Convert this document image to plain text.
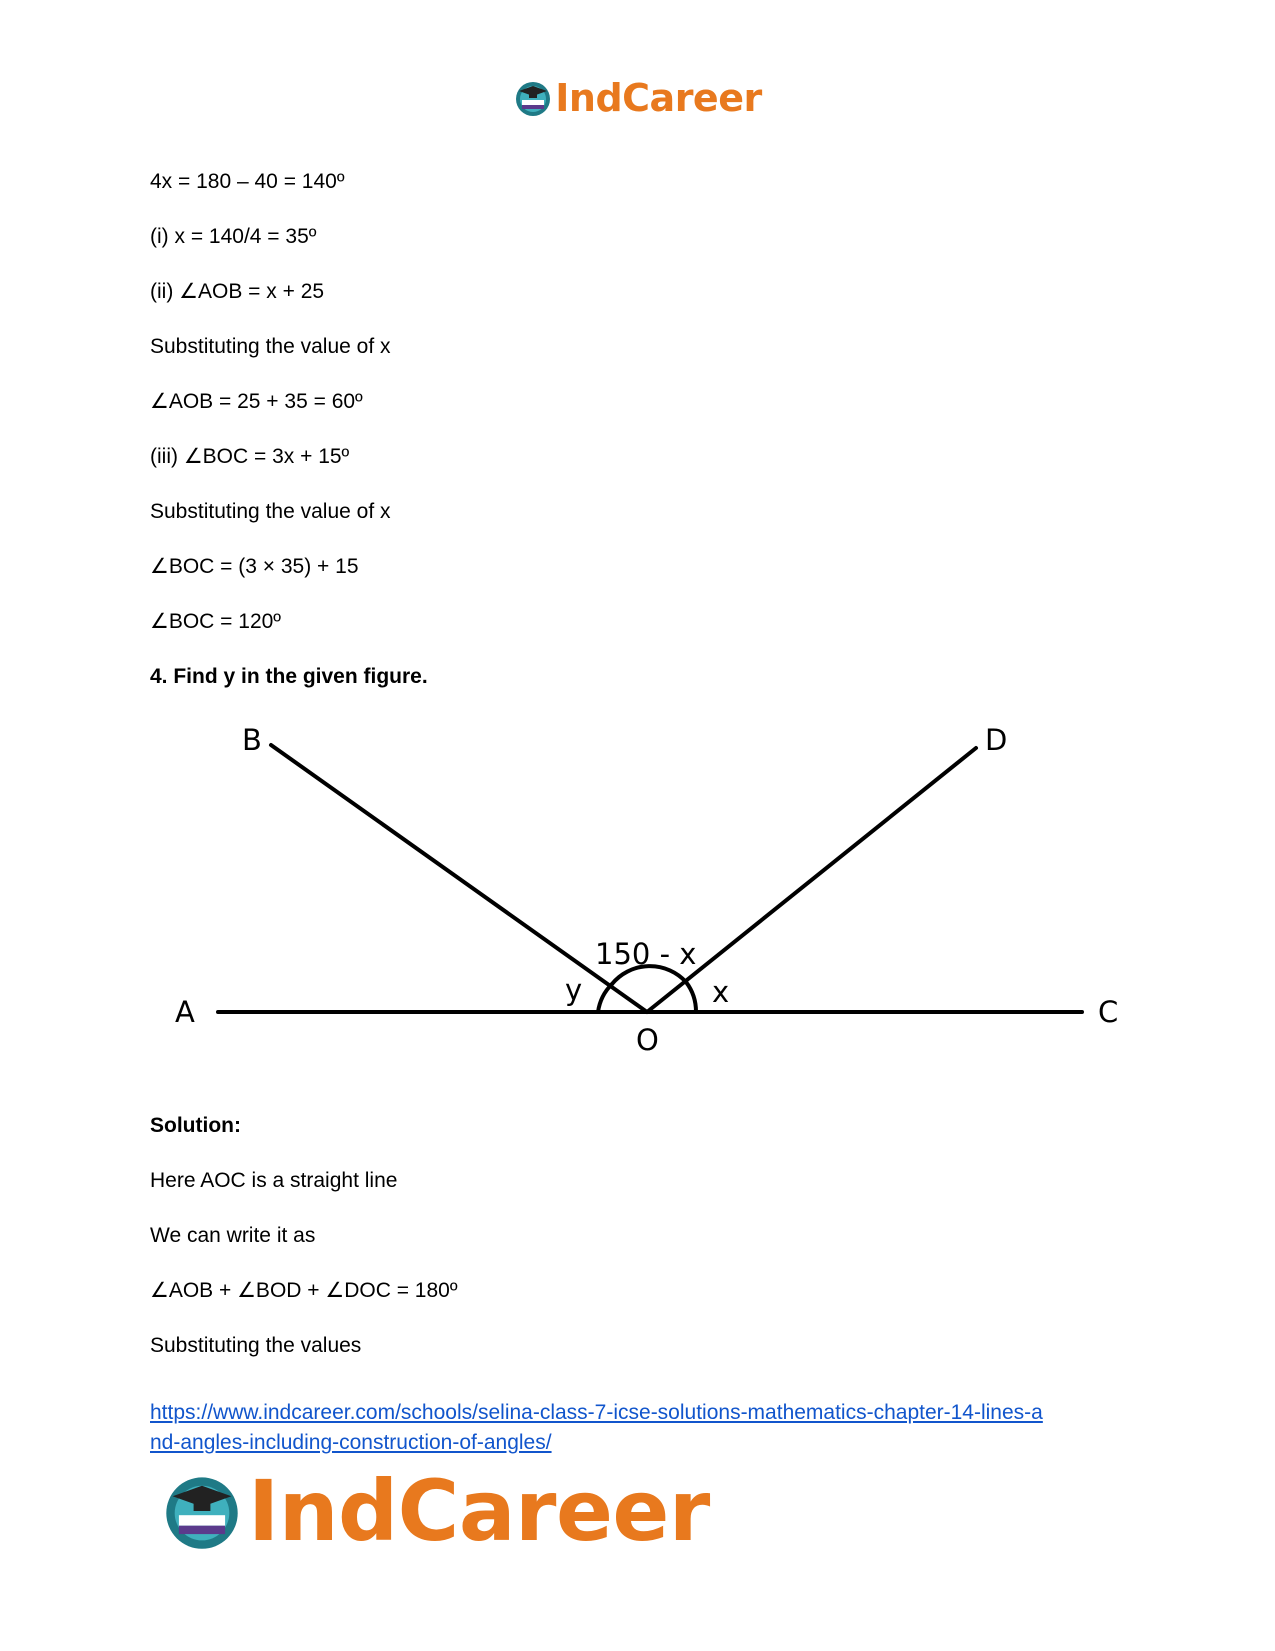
IndCareer
4x = 180 – 40 = 140º
(i) x = 140/4 = 35º
(ii) ∠AOB = x + 25
Substituting the value of x
∠AOB = 25 + 35 = 60º
(iii) ∠BOC = 3x + 15º
Substituting the value of x
∠BOC = (3 × 35) + 15
∠BOC = 120º
4. Find y in the given figure.
B	D
A	C
O
y	x
150 - x
Solution:
Here AOC is a straight line
We can write it as
∠AOB + ∠BOD + ∠DOC = 180º
Substituting the values
https://www.indcareer.com/schools/selina-class-7-icse-solutions-mathematics-chapter-14-lines-a
nd-angles-including-construction-of-angles/
IndCareer
